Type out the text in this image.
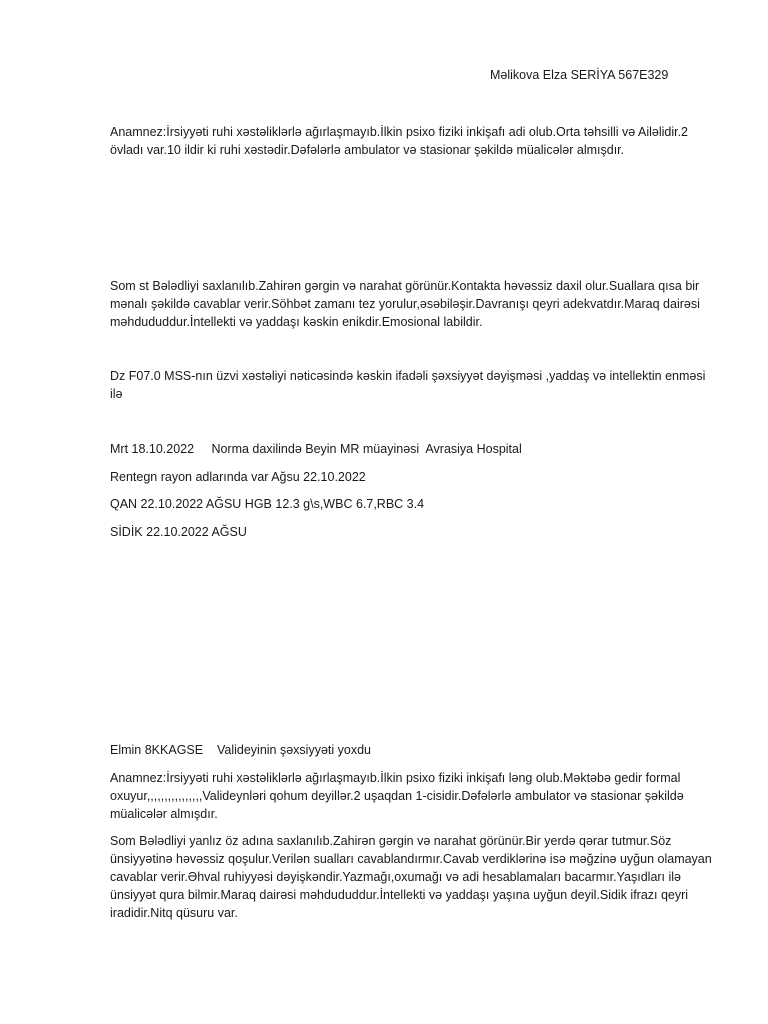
Məlikova Elza SERİYA 567E329
Anamnez:İrsiyyəti ruhi xəstəliklərlə ağırlaşmayıb.İlkin psixo fiziki inkişafı adi olub.Orta təhsilli və Ailəlidir.2 övladı var.10 ildir ki ruhi xəstədir.Dəfələrlə ambulator və stasionar şəkildə müalicələr almışdır.
Som st Bələdliyi saxlanılıb.Zahirən gərgin və narahat görünür.Kontakta həvəssiz daxil olur.Suallara qısa bir mənalı şəkildə cavablar verir.Söhbət zamanı tez yorulur,əsəbiləşir.Davranışı qeyri adekvatdır.Maraq dairəsi məhdududdur.İntellekti və yaddaşı kəskin enikdir.Emosional labildir.
Dz F07.0 MSS-nın üzvi xəstəliyi nəticəsində kəskin ifadəli şəxsiyyət dəyişməsi ,yaddaş və intellektin enməsi ilə
Mrt 18.10.2022     Norma daxilində Beyin MR müayinəsi  Avrasiya Hospital
Rentegn rayon adlarında var Ağsu 22.10.2022
QAN 22.10.2022 AĞSU HGB 12.3 g\s,WBC 6.7,RBC 3.4
SİDİK 22.10.2022 AĞSU
Elmin 8KKAGSE    Valideyinin şəxsiyyəti yoxdu
Anamnez:İrsiyyəti ruhi xəstəliklərlə ağırlaşmayıb.İlkin psixo fiziki inkişafı ləng olub.Məktəbə gedir formal oxuyur,,,,,,,,,,,,,,,,Valideynləri qohum deyillər.2 uşaqdan 1-cisidir.Dəfələrlə ambulator və stasionar şəkildə müalicələr almışdır.
Som Bələdliyi yanlız öz adına saxlanılıb.Zahirən gərgin və narahat görünür.Bir yerdə qərar tutmur.Söz ünsiyyətinə həvəssiz qoşulur.Verilən sualları cavablandırmır.Cavab verdiklərinə isə məğzinə uyğun olamayan cavablar verir.Əhval ruhiyyəsi dəyişkəndir.Yazmağı,oxumağı və adi hesablamaları bacarmır.Yaşıdları ilə ünsiyyət qura bilmir.Maraq dairəsi məhdududdur.İntellekti və yaddaşı yaşına uyğun deyil.Sidik ifrazı qeyri iradidir.Nitq qüsuru var.
